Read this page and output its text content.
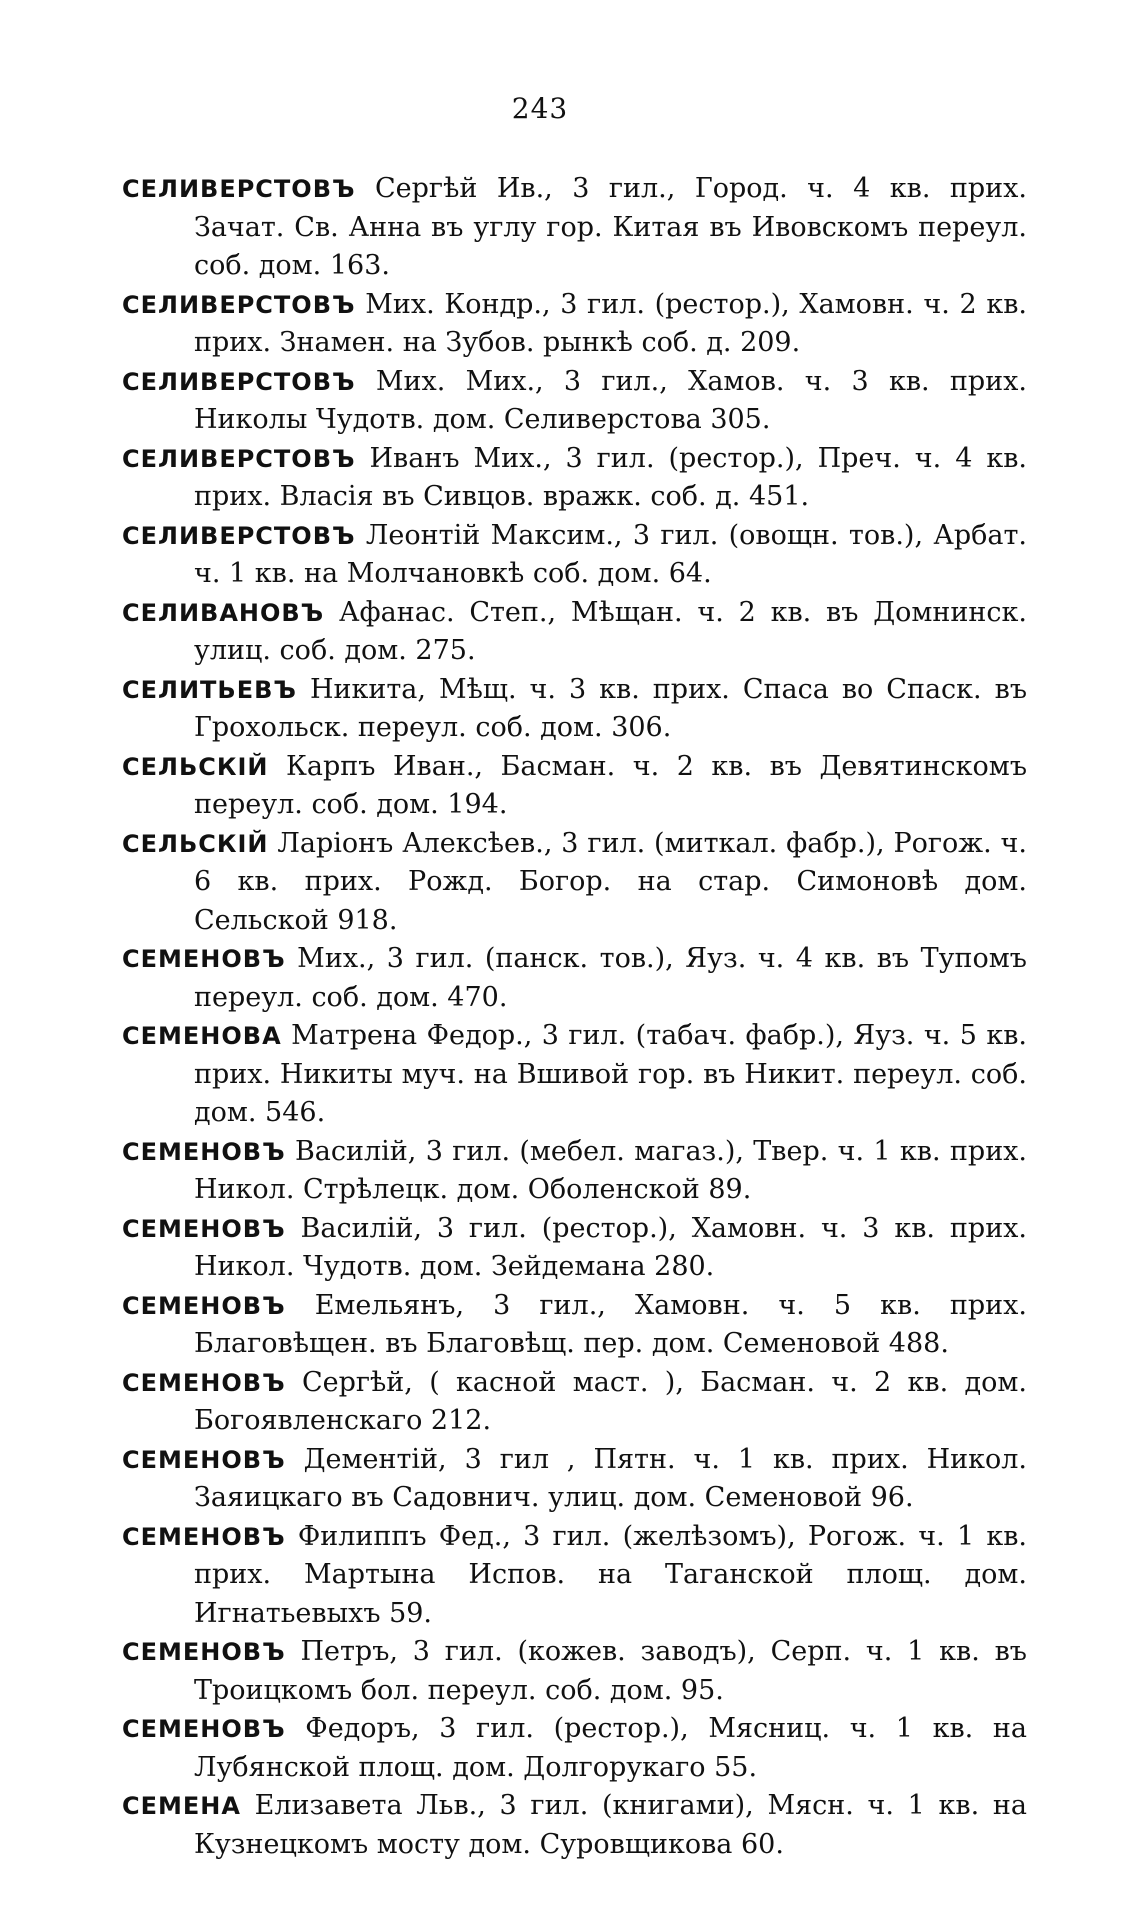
243

СЕЛИВЕРСТОВЪ Сергѣй Ив., 3 гил., Город. ч. 4 кв. прих. Зачат. Св. Анна въ углу гор. Китая въ Ивовскомъ переул. соб. дом. 163.

СЕЛИВЕРСТОВЪ Мих. Кондр., 3 гил. (рестор.), Хамовн. ч. 2 кв. прих. Знамен. на Зубов. рынкѣ соб. д. 209.

СЕЛИВЕРСТОВЪ Мих. Мих., 3 гил., Хамов. ч. 3 кв. прих. Николы Чудотв. дом. Селиверстова 305.

СЕЛИВЕРСТОВЪ Иванъ Мих., 3 гил. (рестор.), Преч. ч. 4 кв. прих. Власія въ Сивцов. вражк. соб. д. 451.

СЕЛИВЕРСТОВЪ Леонтій Максим., 3 гил. (овощн. тов.), Арбат. ч. 1 кв. на Молчановкѣ соб. дом. 64.

СЕЛИВАНОВЪ Афанас. Степ., Мѣщан. ч. 2 кв. въ Домнинск. улиц. соб. дом. 275.

СЕЛИТЬЕВЪ Никита, Мѣщ. ч. 3 кв. прих. Спаса во Спаск. въ Грохольск. переул. соб. дом. 306.

СЕЛЬСКІЙ Карпъ Иван., Басман. ч. 2 кв. въ Девятинскомъ переул. соб. дом. 194.

СЕЛЬСКІЙ Ларіонъ Алексѣев., 3 гил. (миткал. фабр.), Рогож. ч. 6 кв. прих. Рожд. Богор. на стар. Симоновѣ дом. Сельской 918.

СЕМЕНОВЪ Мих., 3 гил. (панск. тов.), Яуз. ч. 4 кв. въ Тупомъ переул. соб. дом. 470.

СЕМЕНОВА Матрена Федор., 3 гил. (табач. фабр.), Яуз. ч. 5 кв. прих. Никиты муч. на Вшивой гор. въ Никит. переул. соб. дом. 546.

СЕМЕНОВЪ Василій, 3 гил. (мебел. магаз.), Твер. ч. 1 кв. прих. Никол. Стрѣлецк. дом. Оболенской 89.

СЕМЕНОВЪ Василій, 3 гил. (рестор.), Хамовн. ч. 3 кв. прих. Никол. Чудотв. дом. Зейдемана 280.

СЕМЕНОВЪ Емельянъ, 3 гил., Хамовн. ч. 5 кв. прих. Благовѣщен. въ Благовѣщ. пер. дом. Семеновой 488.

СЕМЕНОВЪ Сергѣй, ( касной маст. ), Басман. ч. 2 кв. дом. Богоявленскаго 212.

СЕМЕНОВЪ Дементій, 3 гил , Пятн. ч. 1 кв. прих. Никол. Заяицкаго въ Садовнич. улиц. дом. Семеновой 96.

СЕМЕНОВЪ Филиппъ Фед., 3 гил. (желѣзомъ), Рогож. ч. 1 кв. прих. Мартына Испов. на Таганской площ. дом. Игнатьевыхъ 59.

СЕМЕНОВЪ Петръ, 3 гил. (кожев. заводъ), Серп. ч. 1 кв. въ Троицкомъ бол. переул. соб. дом. 95.

СЕМЕНОВЪ Федоръ, 3 гил. (рестор.), Мясниц. ч. 1 кв. на Лубянской площ. дом. Долгорукаго 55.

СЕМЕНА Елизавета Льв., 3 гил. (книгами), Мясн. ч. 1 кв. на Кузнецкомъ мосту дом. Суровщикова 60.
